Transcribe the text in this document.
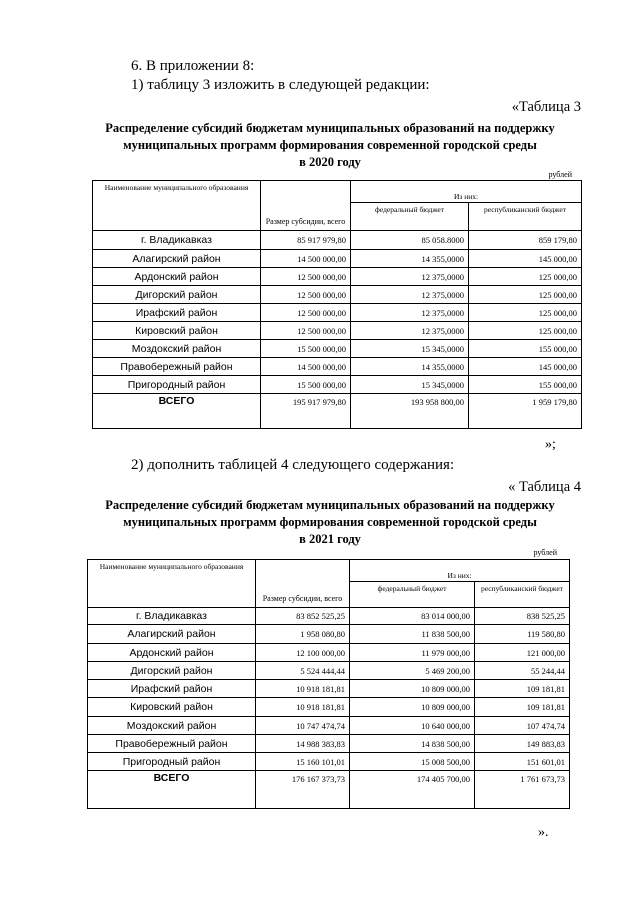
6. В приложении 8:
1) таблицу 3 изложить в следующей редакции:
«Таблица 3
Распределение субсидий бюджетам муниципальных образований на поддержку
муниципальных программ формирования современной городской среды
в 2020 году
рублей
Наименование муниципального образования	Размер субсидии, всего	Из них:	
		федеральный бюджет	республиканский бюджет
г. Владикавказ	85 917 979,80	85 058.8000	859 179,80
Алагирский район	14 500 000,00	14 355,0000	145 000,00
Ардонский район	12 500 000,00	12 375,0000	125 000,00
Дигорский район	12 500 000,00	12 375,0000	125 000,00
Ирафский район	12 500 000,00	12 375,0000	125 000,00
Кировский район	12 500 000,00	12 375,0000	125 000,00
Моздокский район	15 500 000,00	15 345,0000	155 000,00
Правобережный район	14 500 000,00	14 355,0000	145 000,00
Пригородный район	15 500 000,00	15 345,0000	155 000,00
ВСЕГО	195 917 979,80	193 958 800,00	1 959 179,80
»;
2) дополнить таблицей 4 следующего содержания:
« Таблица 4
Распределение субсидий бюджетам муниципальных образований на поддержку
муниципальных программ формирования современной городской среды
в 2021 году
рублей
Наименование муниципального образования	Размер субсидии, всего	Из них:	
		федеральный бюджет	республиканский бюджет
г. Владикавказ	83 852 525,25	83 014 000,00	838 525,25
Алагирский район	1 958 080,80	11 838 500,00	119 580,80
Ардонский район	12 100 000,00	11 979 000,00	121 000,00
Дигорский район	5 524 444,44	5 469 200,00	55 244,44
Ирафский район	10 918 181,81	10 809 000,00	109 181,81
Кировский район	10 918 181,81	10 809 000,00	109 181,81
Моздокский район	10 747 474,74	10 640 000,00	107 474,74
Правобережный район	14 988 383,83	14 838 500,00	149 883,83
Пригородный район	15 160 101,01	15 008 500,00	151 601,01
ВСЕГО	176 167 373,73	174 405 700,00	1 761 673,73
».
